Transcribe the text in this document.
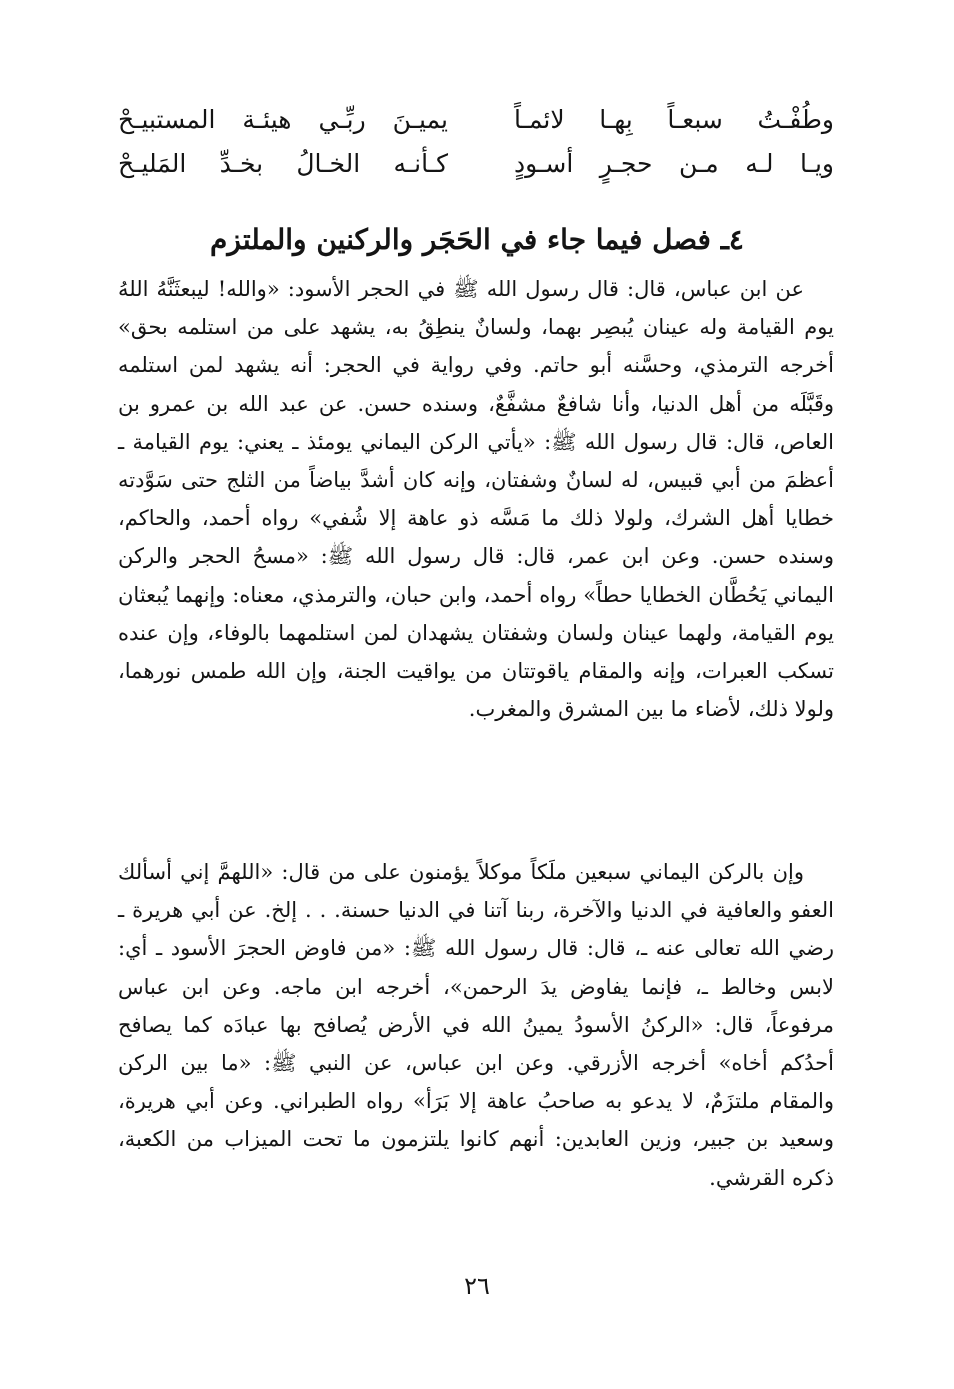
وطُفْـتُ سبعـاً بِهـا لائمـاً
يميـنَ ربِّـي هيئـة المستبيـحْ
ويـا لـه مـن حجـرٍ أسـودٍ
كـأنـه الخـالُ بخـدِّ المَليـحْ
٤ـ فصل فيما جاء في الحَجَر والركنين والملتزم

عن ابن عباس، قال: قال رسول الله ﷺ في الحجر الأسود: «والله! ليبعثَنَّهُ اللهُ يوم القيامة وله عينان يُبصِر بهما، ولسانٌ ينطِقُ به، يشهد على من استلمه بحق» أخرجه الترمذي، وحسَّنه أبو حاتم. وفي رواية في الحجر: أنه يشهد لمن استلمه وقَبَّلَه من أهل الدنيا، وأنا شافعٌ مشفَّعٌ، وسنده حسن. عن عبد الله بن عمرو بن العاص، قال: قال رسول الله ﷺ: «يأتي الركن اليماني يومئذ ـ يعني: يوم القيامة ـ أعظمَ من أبي قبيس، له لسانٌ وشفتان، وإنه كان أشدَّ بياضاً من الثلج حتى سَوَّدته خطايا أهل الشرك، ولولا ذلك ما مَسَّه ذو عاهة إلا شُفي» رواه أحمد، والحاكم، وسنده حسن. وعن ابن عمر، قال: قال رسول الله ﷺ: «مسحُ الحجر والركن اليماني يَحُطَّان الخطايا حطاً» رواه أحمد، وابن حبان، والترمذي، معناه: وإنهما يُبعثان يوم القيامة، ولهما عينان ولسان وشفتان يشهدان لمن استلمهما بالوفاء، وإن عنده تسكب العبرات، وإنه والمقام ياقوتتان من يواقيت الجنة، وإن الله طمس نورهما، ولولا ذلك، لأضاء ما بين المشرق والمغرب.

وإن بالركن اليماني سبعين ملَكاً موكلاً يؤمنون على من قال: «اللهمَّ إني أسألك العفو والعافية في الدنيا والآخرة، ربنا آتنا في الدنيا حسنة. . . إلخ. عن أبي هريرة ـ رضي الله تعالى عنه ـ، قال: قال رسول الله ﷺ: «من فاوض الحجرَ الأسود ـ أي: لابس وخالط ـ، فإنما يفاوض يدَ الرحمن»، أخرجه ابن ماجه. وعن ابن عباس مرفوعاً، قال: «الركنُ الأسودُ يمينُ الله في الأرض يُصافح بها عبادَه كما يصافح أحدُكم أخاه» أخرجه الأزرقي. وعن ابن عباس، عن النبي ﷺ: «ما بين الركن والمقام ملتزَمٌ، لا يدعو به صاحبُ عاهة إلا بَرَأ» رواه الطبراني. وعن أبي هريرة، وسعيد بن جبير، وزين العابدين: أنهم كانوا يلتزمون ما تحت الميزاب من الكعبة، ذكره القرشي.

٢٦
